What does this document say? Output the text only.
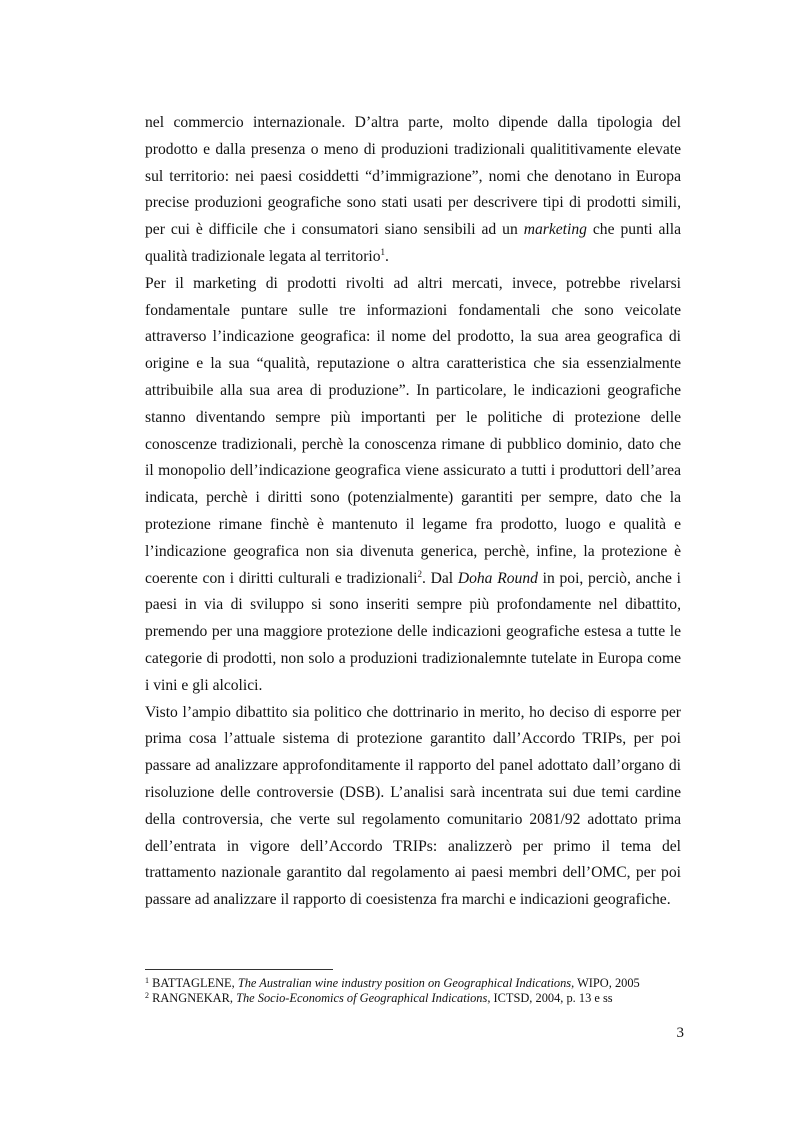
nel commercio internazionale. D’altra parte, molto dipende dalla tipologia del prodotto e dalla presenza o meno di produzioni tradizionali qualititivamente elevate sul territorio: nei paesi cosiddetti “d’immigrazione”, nomi che denotano in Europa precise produzioni geografiche sono stati usati per descrivere tipi di prodotti simili, per cui è difficile che i consumatori siano sensibili ad un marketing che punti alla qualità tradizionale legata al territorio$^1$.

Per il marketing di prodotti rivolti ad altri mercati, invece, potrebbe rivelarsi fondamentale puntare sulle tre informazioni fondamentali che sono veicolate attraverso l’indicazione geografica: il nome del prodotto, la sua area geografica di origine e la sua “qualità, reputazione o altra caratteristica che sia essenzialmente attribuibile alla sua area di produzione”. In particolare, le indicazioni geografiche stanno diventando sempre più importanti per le politiche di protezione delle conoscenze tradizionali, perchè la conoscenza rimane di pubblico dominio, dato che il monopolio dell’indicazione geografica viene assicurato a tutti i produttori dell’area indicata, perchè i diritti sono (potenzialmente) garantiti per sempre, dato che la protezione rimane finchè è mantenuto il legame fra prodotto, luogo e qualità e l’indicazione geografica non sia divenuta generica, perchè, infine, la protezione è coerente con i diritti culturali e tradizionali$^2$. Dal Doha Round in poi, perciò, anche i paesi in via di sviluppo si sono inseriti sempre più profondamente nel dibattito, premendo per una maggiore protezione delle indicazioni geografiche estesa a tutte le categorie di prodotti, non solo a produzioni tradizionalemnte tutelate in Europa come i vini e gli alcolici.

Visto l’ampio dibattito sia politico che dottrinario in merito, ho deciso di esporre per prima cosa l’attuale sistema di protezione garantito dall’Accordo TRIPs, per poi passare ad analizzare approfonditamente il rapporto del panel adottato dall’organo di risoluzione delle controversie (DSB). L’analisi sarà incentrata sui due temi cardine della controversia, che verte sul regolamento comunitario 2081/92 adottato prima dell’entrata in vigore dell’Accordo TRIPs: analizzerò per primo il tema del trattamento nazionale garantito dal regolamento ai paesi membri dell’OMC, per poi passare ad analizzare il rapporto di coesistenza fra marchi e indicazioni geografiche.

$^1$ BATTAGLENE, The Australian wine industry position on Geographical Indications, WIPO, 2005
$^2$ RANGNEKAR, The Socio-Economics of Geographical Indications, ICTSD, 2004, p. 13 e ss
3
